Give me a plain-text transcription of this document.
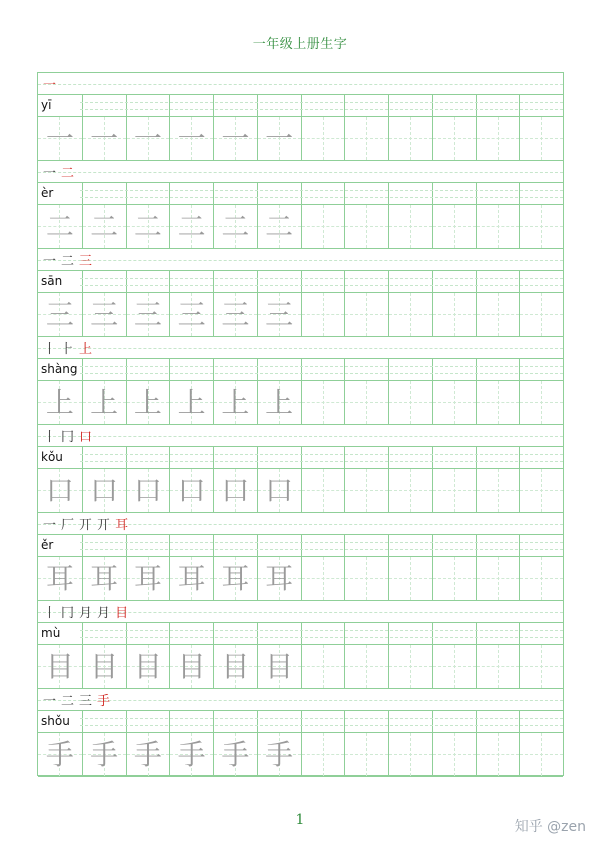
一年级上册生字
一
yī
一 一 一 一 一 一
一 二
èr
二 二 二 二 二 二
一 二 三
sān
三 三 三 三 三 三
丨 ⺊ 上
shàng
上 上 上 上 上 上
丨 冂 口
kǒu
口 口 口 口 口 口
一 厂 丌 丌 耳
ěr
耳 耳 耳 耳 耳 耳
丨 冂 月 月 目
mù
目 目 目 目 目 目
一 二 三 手
shǒu
手 手 手 手 手 手
1	知乎 @zen
